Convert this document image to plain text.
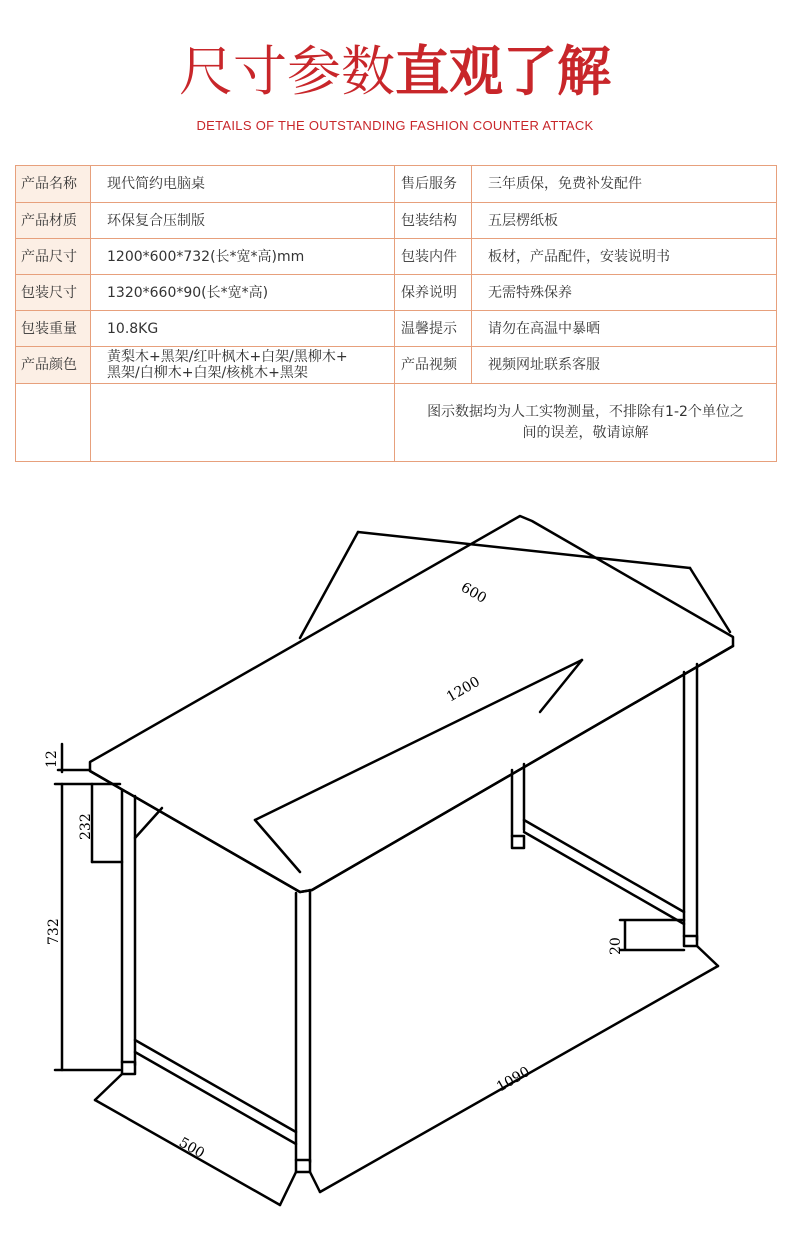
尺寸参数直观了解
DETAILS OF THE OUTSTANDING FASHION COUNTER ATTACK
产品名称	现代简约电脑桌	售后服务	三年质保，免费补发配件
产品材质	环保复合压制版	包装结构	五层楞纸板
产品尺寸	1200*600*732(长*宽*高)mm	包装内件	板材，产品配件，安装说明书
包装尺寸	1320*660*90(长*宽*高)	保养说明	无需特殊保养
包装重量	10.8KG	温馨提示	请勿在高温中暴晒
产品颜色	黄梨木+黑架/红叶枫木+白架/黑柳木+
黑架/白柳木+白架/核桃木+黑架	产品视频	视频网址联系客服

		图示数据均为人工实物测量，不排除有1-2个单位之
间的误差，敬请谅解	
600
1200
12
232
732
20
500
1090
